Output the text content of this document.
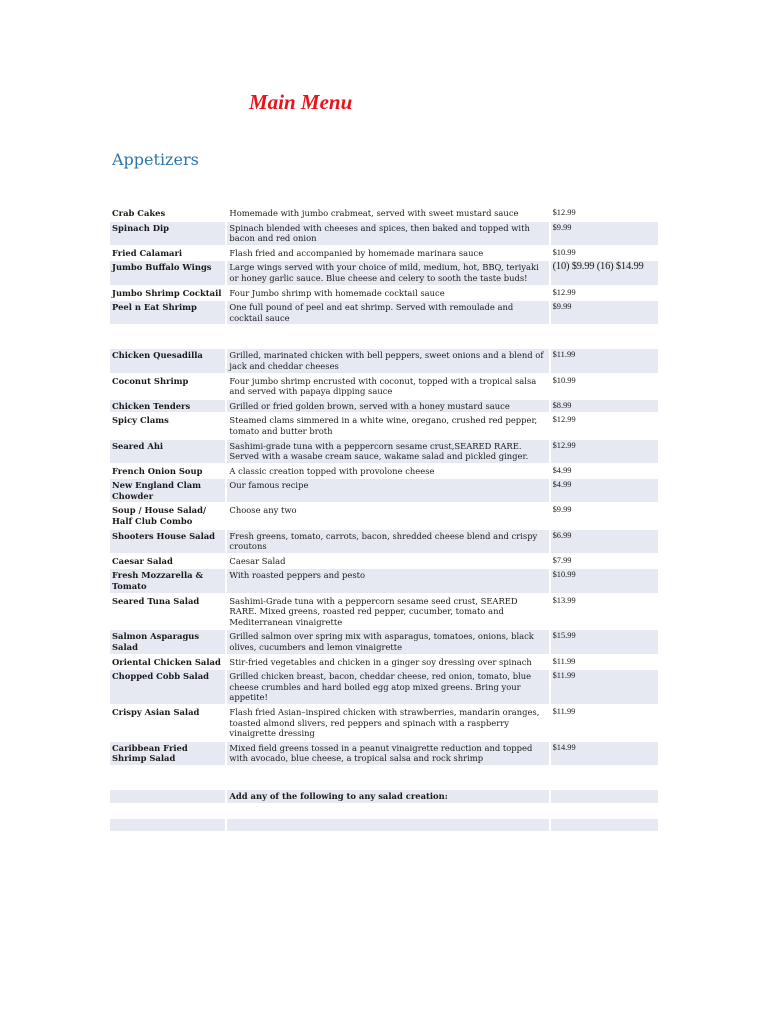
Main Menu
Appetizers
Crab Cakes	Homemade with jumbo crabmeat, served with sweet mustard sauce	$12.99
Spinach Dip	Spinach blended with cheeses and spices, then baked and topped with bacon and red onion	$9.99
Fried Calamari	Flash fried and accompanied by homemade marinara sauce	$10.99
Jumbo Buffalo Wings	Large wings served with your choice of mild, medium, hot, BBQ, teriyaki or honey garlic sauce. Blue cheese and celery to sooth the taste buds!	(10) $9.99 (16) $14.99
Jumbo Shrimp Cocktail	Four Jumbo shrimp with homemade cocktail sauce	$12.99
Peel n Eat Shrimp	One full pound of peel and eat shrimp. Served with remoulade and cocktail sauce	$9.99

Chicken Quesadilla	Grilled, marinated chicken with bell peppers, sweet onions and a blend of jack and cheddar cheeses	$11.99
Coconut Shrimp	Four jumbo shrimp encrusted with coconut, topped with a tropical salsa and served with papaya dipping sauce	$10.99
Chicken Tenders	Grilled or fried golden brown, served with a honey mustard sauce	$8.99
Spicy Clams	Steamed clams simmered in a white wine, oregano, crushed red pepper, tomato and butter broth	$12.99
Seared Ahi	Sashimi-grade tuna with a peppercorn sesame crust,SEARED RARE. Served with a wasabe cream sauce, wakame salad and pickled ginger.	$12.99
French Onion Soup	A classic creation topped with provolone cheese	$4.99
New England Clam Chowder	Our famous recipe	$4.99
Soup / House Salad/ Half Club Combo	Choose any two	$9.99
Shooters House Salad	Fresh greens, tomato, carrots, bacon, shredded cheese blend and crispy croutons	$6.99
Caesar Salad	Caesar Salad	$7.99
Fresh Mozzarella & Tomato	With roasted peppers and pesto	$10.99
Seared Tuna Salad	Sashimi-Grade tuna with a peppercorn sesame seed crust, SEARED RARE. Mixed greens, roasted red pepper, cucumber, tomato and Mediterranean vinaigrette	$13.99
Salmon Asparagus Salad	Grilled salmon over spring mix with asparagus, tomatoes, onions, black olives, cucumbers and lemon vinaigrette	$15.99
Oriental Chicken Salad	Stir-fried vegetables and chicken in a ginger soy dressing over spinach	$11.99
Chopped Cobb Salad	Grilled chicken breast, bacon, cheddar cheese, red onion, tomato, blue cheese crumbles and hard boiled egg atop mixed greens. Bring your appetite!	$11.99
Crispy Asian Salad	Flash fried Asian–inspired chicken with strawberries, mandarin oranges, toasted almond slivers, red peppers and spinach with a raspberry vinaigrette dressing	$11.99
Caribbean Fried Shrimp Salad	Mixed field greens tossed in a peanut vinaigrette reduction and topped with avocado, blue cheese, a tropical salsa and rock shrimp	$14.99

	Add any of the following to any salad creation:	
